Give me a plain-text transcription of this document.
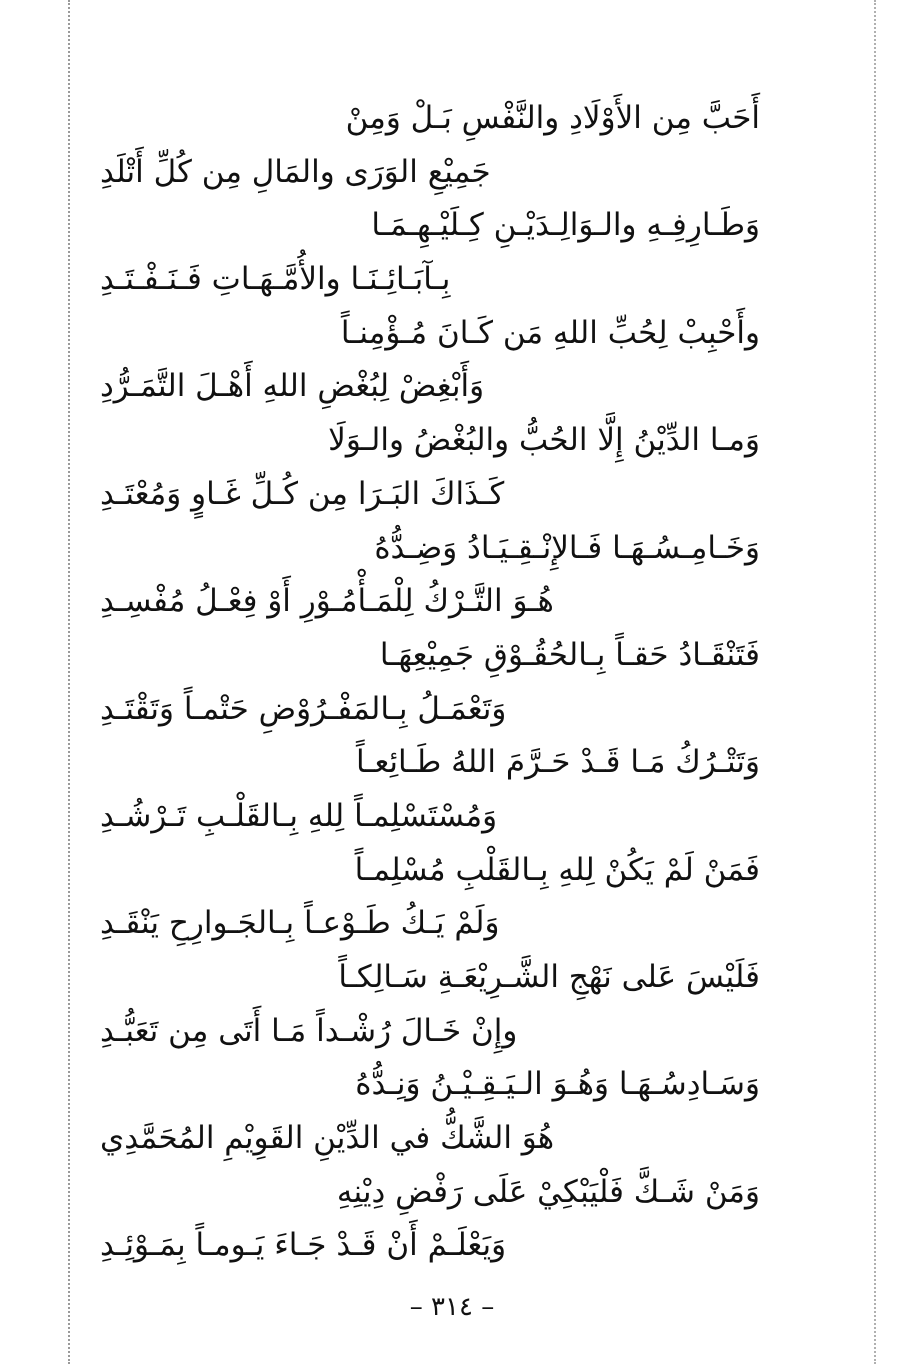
أَحَبَّ مِن الأَوْلَادِ والنَّفْسِ بَـلْ وَمِنْ
جَمِيْعِ الوَرَى والمَالِ مِن كُلِّ أَتْلَدِ
وَطَـارِفِـهِ والـوَالِـدَيْـنِ كِـلَيْـهِـمَـا
بِـآبَـائِـنَـا والأُمَّـهَـاتِ فَـنَـفْـتَـدِ
وأَحْبِبْ لِحُبِّ اللهِ مَن كَـانَ مُـؤْمِنـاً
وَأَبْغِضْ لِبُغْضِ اللهِ أَهْـلَ التَّمَـرُّدِ
وَمـا الدِّيْنُ إِلَّا الحُبُّ والبُغْضُ والـوَلَا
كَـذَاكَ البَـرَا مِن كُـلِّ غَـاوٍ وَمُعْتَـدِ
وَخَـامِـسُـهَـا فَـالإِنْـقِـيَـادُ وَضِـدُّهُ
هُـوَ التَّـرْكُ لِلْمَـأْمُـوْرِ أَوْ فِعْـلُ مُفْسِـدِ
فَتَنْقَـادُ حَقـاً بِـالحُقُـوْقِ جَمِيْعِهَـا
وَتَعْمَـلُ بِـالمَفْـرُوْضِ حَتْمـاً وَتَقْتَـدِ
وَتَتْـرُكُ مَـا قَـدْ حَـرَّمَ اللهُ طَـائِعـاً
وَمُسْتَسْلِمـاً لِلهِ بِـالقَلْـبِ تَـرْشُـدِ
فَمَنْ لَمْ يَكُنْ لِلهِ بِـالقَلْبِ مُسْلِمـاً
وَلَمْ يَـكُ طَـوْعـاً بِـالجَـوارِحِ يَنْقَـدِ
فَلَيْسَ عَلى نَهْجِ الشَّـرِيْعَـةِ سَـالِكـاً
وإِنْ خَـالَ رُشْـداً مَـا أَتَى مِن تَعَبُّـدِ
وَسَـادِسُـهَـا وَهُـوَ الـيَـقِـيْـنُ وَنِـدُّهُ
هُوَ الشَّكُّ في الدِّيْنِ القَوِيْمِ المُحَمَّدِي
وَمَنْ شَـكَّ فَلْيَبْكِيْ عَلَى رَفْضِ دِيْنِهِ
وَيَعْلَـمْ أَنْ قَـدْ جَـاءَ يَـومـاً بِمَـوْئِـدِ
– ٣١٤ –
